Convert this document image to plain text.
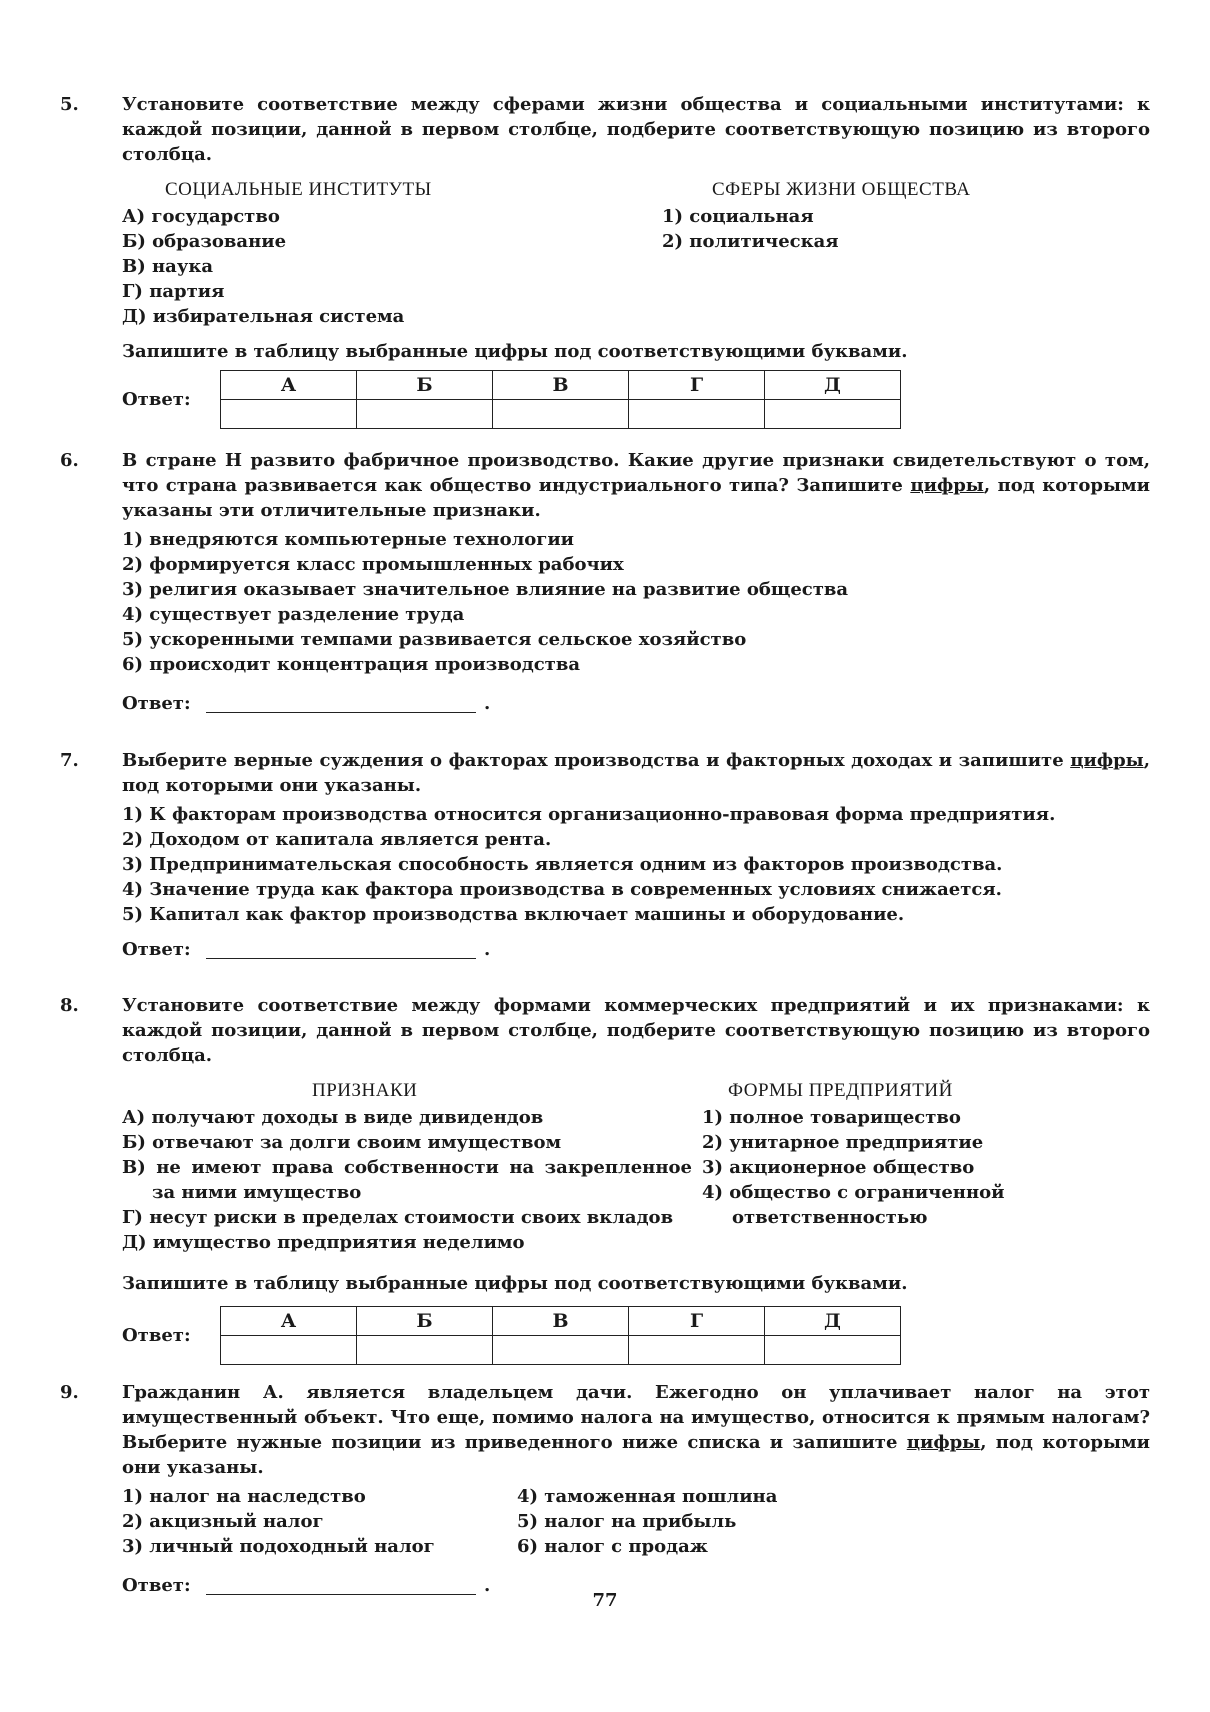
5. Установите соответствие между сферами жизни общества и социальными институтами: к каждой позиции, данной в первом столбце, подберите соответствующую позицию из второго столбца.

СОЦИАЛЬНЫЕ ИНСТИТУТЫ
А) государство
Б) образование
В) наука
Г) партия
Д) избирательная система
СФЕРЫ ЖИЗНИ ОБЩЕСТВА
1) социальная
2) политическая

Запишите в таблицу выбранные цифры под соответствующими буквами.

Ответ:
А	Б	В	Г	Д

6. В стране Н развито фабричное производство. Какие другие признаки свидетельствуют о том, что страна развивается как общество индустриального типа? Запишите цифры, под которыми указаны эти отличительные признаки.

1) внедряются компьютерные технологии
2) формируется класс промышленных рабочих
3) религия оказывает значительное влияние на развитие общества
4) существует разделение труда
5) ускоренными темпами развивается сельское хозяйство
6) происходит концентрация производства
Ответ:	.
7. Выберите верные суждения о факторах производства и факторных доходах и запишите цифры, под которыми они указаны.

1) К факторам производства относится организационно-правовая форма предприятия.
2) Доходом от капитала является рента.
3) Предпринимательская способность является одним из факторов производства.
4) Значение труда как фактора производства в современных условиях снижается.
5) Капитал как фактор производства включает машины и оборудование.
Ответ:	.
8. Установите соответствие между формами коммерческих предприятий и их признаками: к каждой позиции, данной в первом столбце, подберите соответствующую позицию из второго столбца.

ПРИЗНАКИ
А) получают доходы в виде дивидендов
Б) отвечают за долги своим имуществом
В) не имеют права собственности на закрепленное за ними имущество
Г) несут риски в пределах стоимости своих вкладов
Д) имущество предприятия неделимо
ФОРМЫ ПРЕДПРИЯТИЙ
1) полное товарищество
2) унитарное предприятие
3) акционерное общество
4) общество с ограниченной ответственностью

Запишите в таблицу выбранные цифры под соответствующими буквами.

Ответ:
А	Б	В	Г	Д

9. Гражданин А. является владельцем дачи. Ежегодно он уплачивает налог на этот имущественный объект. Что еще, помимо налога на имущество, относится к прямым налогам? Выберите нужные позиции из приведенного ниже списка и запишите цифры, под которыми они указаны.

1) налог на наследство
2) акцизный налог
3) личный подоходный налог
4) таможенная пошлина
5) налог на прибыль
6) налог с продаж
Ответ:	.
77
